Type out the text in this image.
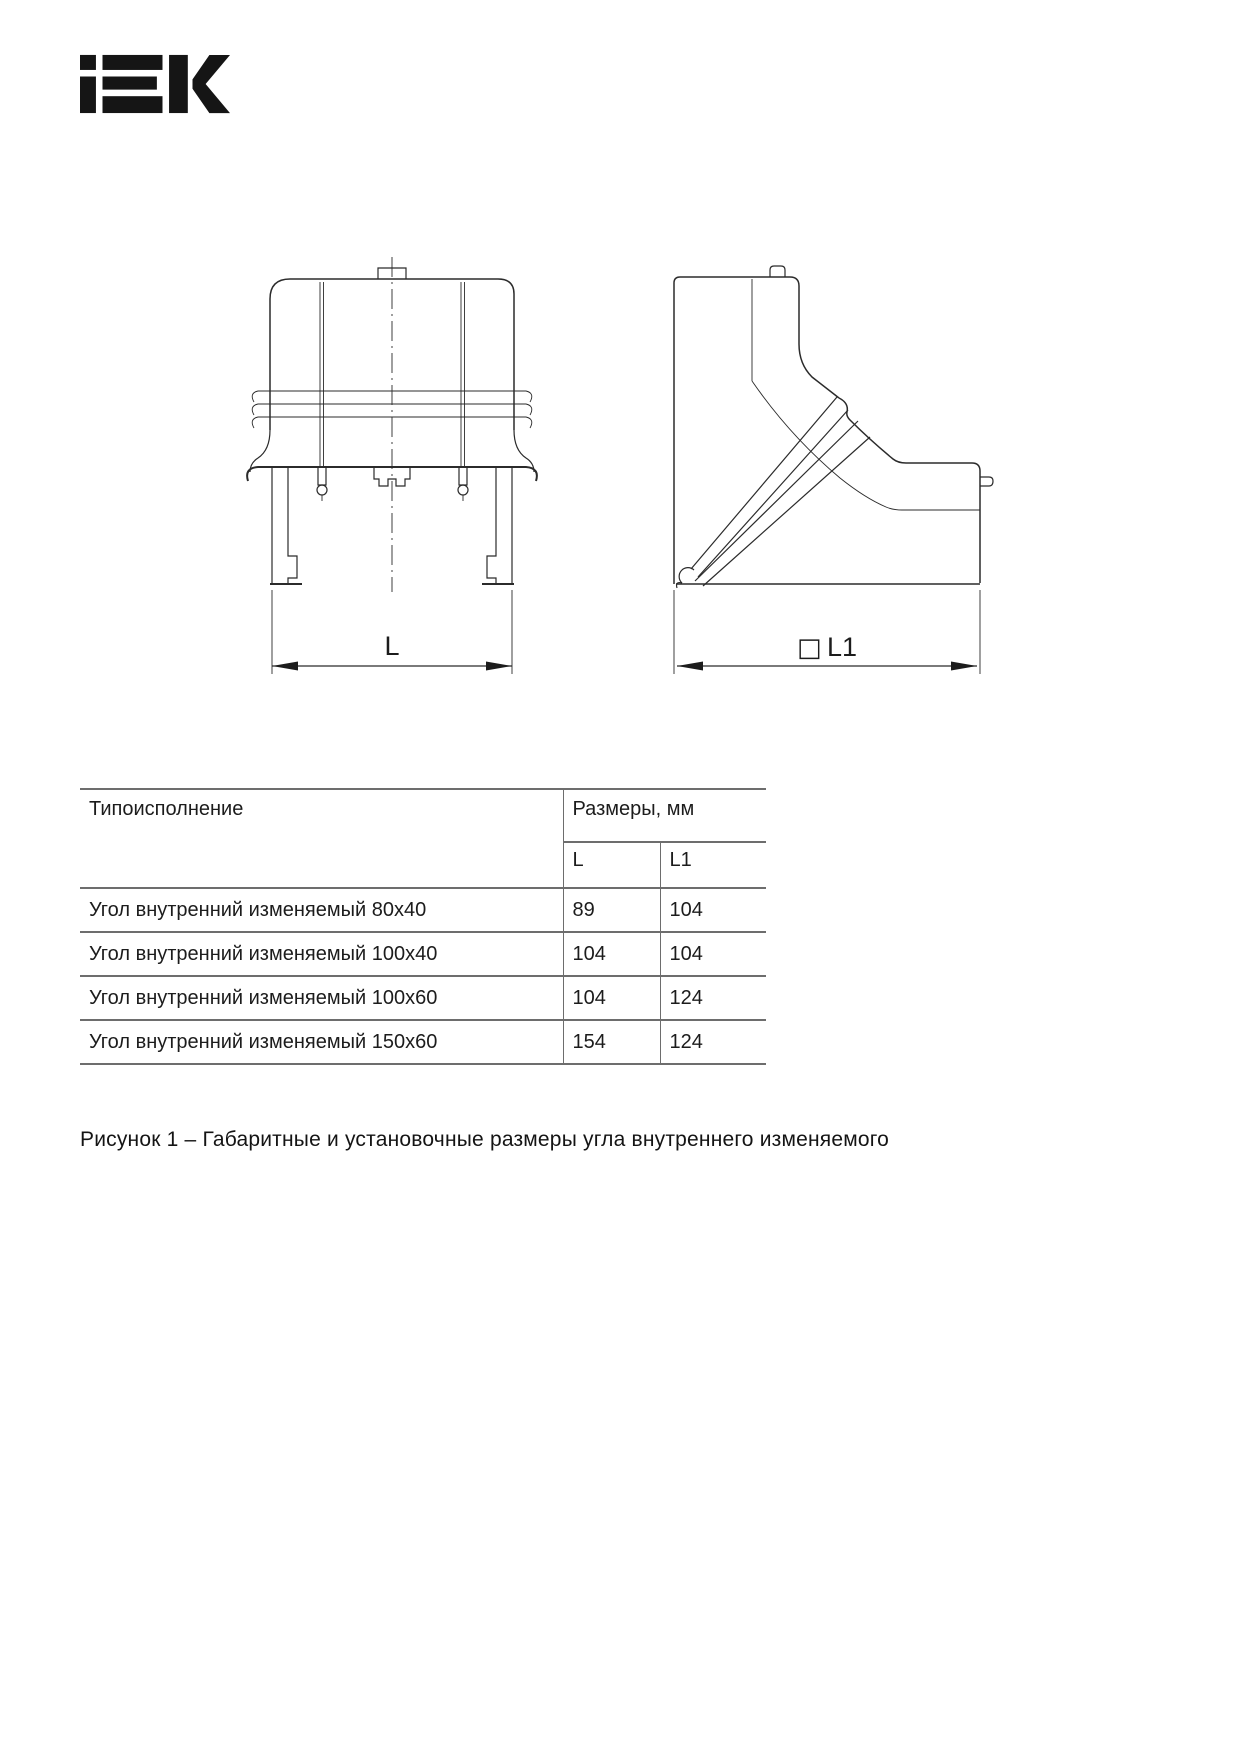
L	□ L1
Типоисполнение	Размеры, мм	
	L	L1
Угол внутренний изменяемый 80х40	89	104
Угол внутренний изменяемый 100х40	104	104
Угол внутренний изменяемый 100х60	104	124
Угол внутренний изменяемый 150х60	154	124

Рисунок 1 – Габаритные и установочные размеры угла внутреннего изменяемого
